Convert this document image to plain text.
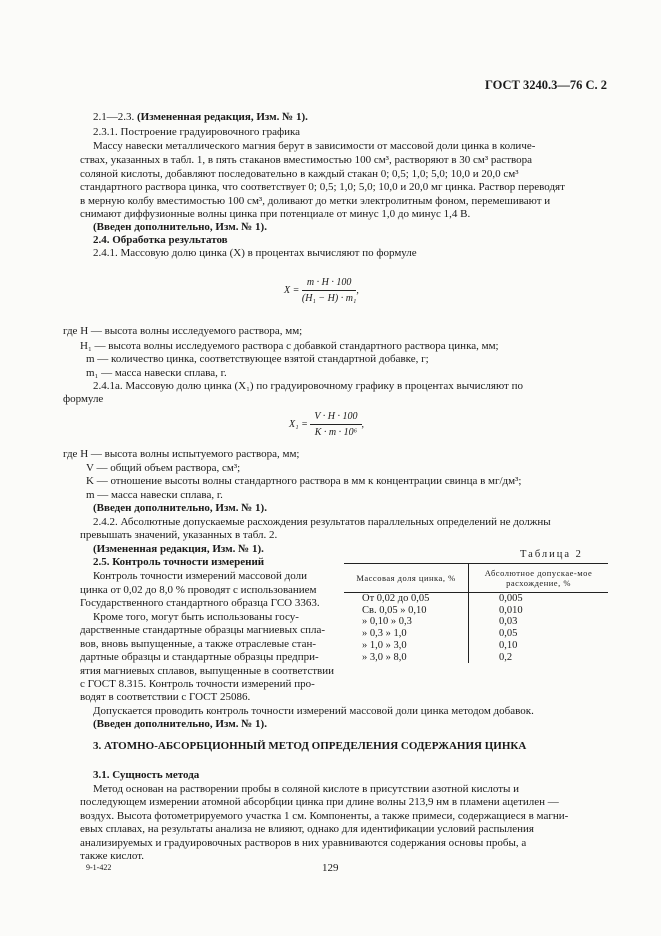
ГОСТ 3240.3—76 С. 2
2.1—2.3. (Измененная редакция, Изм. № 1).
2.3.1. Построение градуировочного графика
Массу навески металлического магния берут в зависимости от массовой доли цинка в количе-
ствах, указанных в табл. 1, в пять стаканов вместимостью 100 см³, растворяют в 30 см³ раствора
соляной кислоты, добавляют последовательно в каждый стакан 0; 0,5; 1,0; 5,0; 10,0 и 20,0 см³
стандартного раствора цинка, что соответствует 0; 0,5; 1,0; 5,0; 10,0 и 20,0 мг цинка. Раствор переводят
в мерную колбу вместимостью 100 см³, доливают до метки электролитным фоном, перемешивают и
снимают диффузионные волны цинка при потенциале от минус 1,0 до минус 1,4 В.
(Введен дополнительно, Изм. № 1).
2.4. Обработка результатов
2.4.1. Массовую долю цинка (X) в процентах вычисляют по формуле
$X = \frac{m \cdot H \cdot 100}{\text{(H₁ − H) · m₁}}$ ,
где H — высота волны исследуемого раствора, мм;
H₁ — высота волны исследуемого раствора с добавкой стандартного раствора цинка, мм;
m — количество цинка, соответствующее взятой стандартной добавке, г;
m₁ — масса навески сплава, г.
2.4.1а. Массовую долю цинка (X₁) по градуировочному графику в процентах вычисляют по
формуле
$X_1 = \frac{V \cdot H \cdot 100}{\text{K · m · 10⁶}}$ ,
где H — высота волны испытуемого раствора, мм;
V — общий объем раствора, см³;
K — отношение высоты волны стандартного раствора в мм к концентрации свинца в мг/дм³;
m — масса навески сплава, г.
(Введен дополнительно, Изм. № 1).
2.4.2. Абсолютные допускаемые расхождения результатов параллельных определений не должны
превышать значений, указанных в табл. 2.
(Измененная редакция, Изм. № 1).
2.5. Контроль точности измерений
Контроль точности измерений массовой доли
цинка от 0,02 до 8,0 % проводят с использованием
Государственного стандартного образца ГСО 3363.
Кроме того, могут быть использованы госу-
дарственные стандартные образцы магниевых спла-
вов, вновь выпущенные, а также отраслевые стан-
дартные образцы и стандартные образцы предпри-
ятия магниевых сплавов, выпущенные в соответствии
с ГОСТ 8.315. Контроль точности измерений про-
водят в соответствии с ГОСТ 25086.
Таблица 2
Массовая доля цинка, %	Абсолютное допускае-мое расхождение, %
От 0,02 до 0,05	0,005
Св. 0,05 » 0,10	0,010
» 0,10 » 0,3	0,03
» 0,3 » 1,0	0,05
» 1,0 » 3,0	0,10
» 3,0 » 8,0	0,2
Допускается проводить контроль точности измерений массовой доли цинка методом добавок.
(Введен дополнительно, Изм. № 1).
3. АТОМНО-АБСОРБЦИОННЫЙ МЕТОД ОПРЕДЕЛЕНИЯ СОДЕРЖАНИЯ ЦИНКА
3.1. Сущность метода
Метод основан на растворении пробы в соляной кислоте в присутствии азотной кислоты и
последующем измерении атомной абсорбции цинка при длине волны 213,9 нм в пламени ацетилен —
воздух. Высота фотометрируемого участка 1 см. Компоненты, а также примеси, содержащиеся в магни-
евых сплавах, на результаты анализа не влияют, однако для идентификации условий распыления
анализируемых и градуировочных растворов в них уравниваются содержания основы пробы, а
также кислот.
9-1-422	129
